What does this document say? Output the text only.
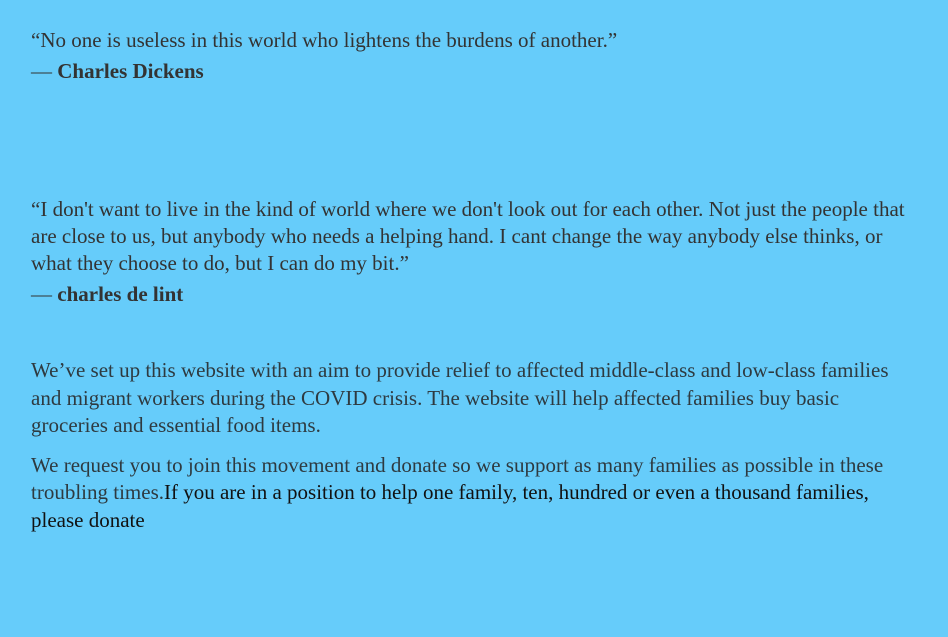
“No one is useless in this world who lightens the burdens of another.”

— Charles Dickens

“I don't want to live in the kind of world where we don't look out for each other. Not just the people that are close to us, but anybody who needs a helping hand. I cant change the way anybody else thinks, or what they choose to do, but I can do my bit.”

— charles de lint

We’ve set up this website with an aim to provide relief to affected middle-class and low-class families and migrant workers during the COVID crisis. The website will help affected families buy basic groceries and essential food items.

We request you to join this movement and donate so we support as many families as possible in these troubling times.If you are in a position to help one family, ten, hundred or even a thousand families, please donate
